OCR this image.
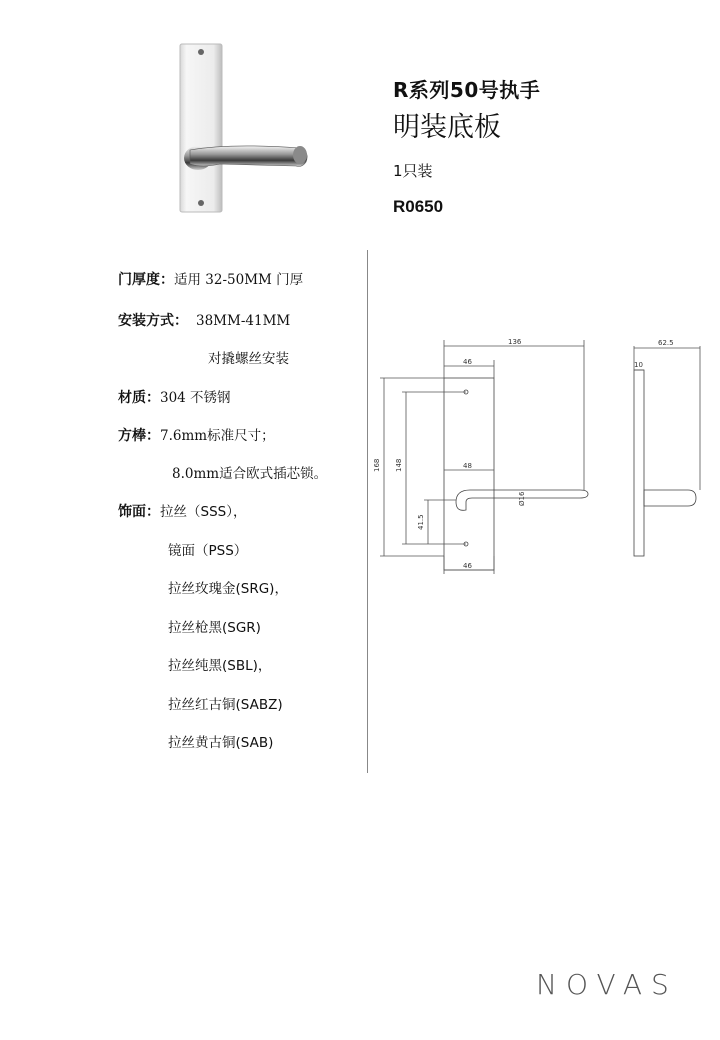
R系列50号执手
明装底板
1只装
R0650
门厚度：适用 32-50MM 门厚
安装方式： 38MM-41MM
对撬螺丝安装
材质：304 不锈钢
方棒：7.6mm标准尺寸；
8.0mm适合欧式插芯锁。
饰面：拉丝（SSS），
镜面（PSS）
拉丝玫瑰金(SRG)，
拉丝枪黑(SGR)
拉丝纯黑(SBL)，
拉丝红古铜(SABZ)
拉丝黄古铜(SAB)
136
46
168 148
41.5
48
Ø16
46
62.5
10
NOVAS
